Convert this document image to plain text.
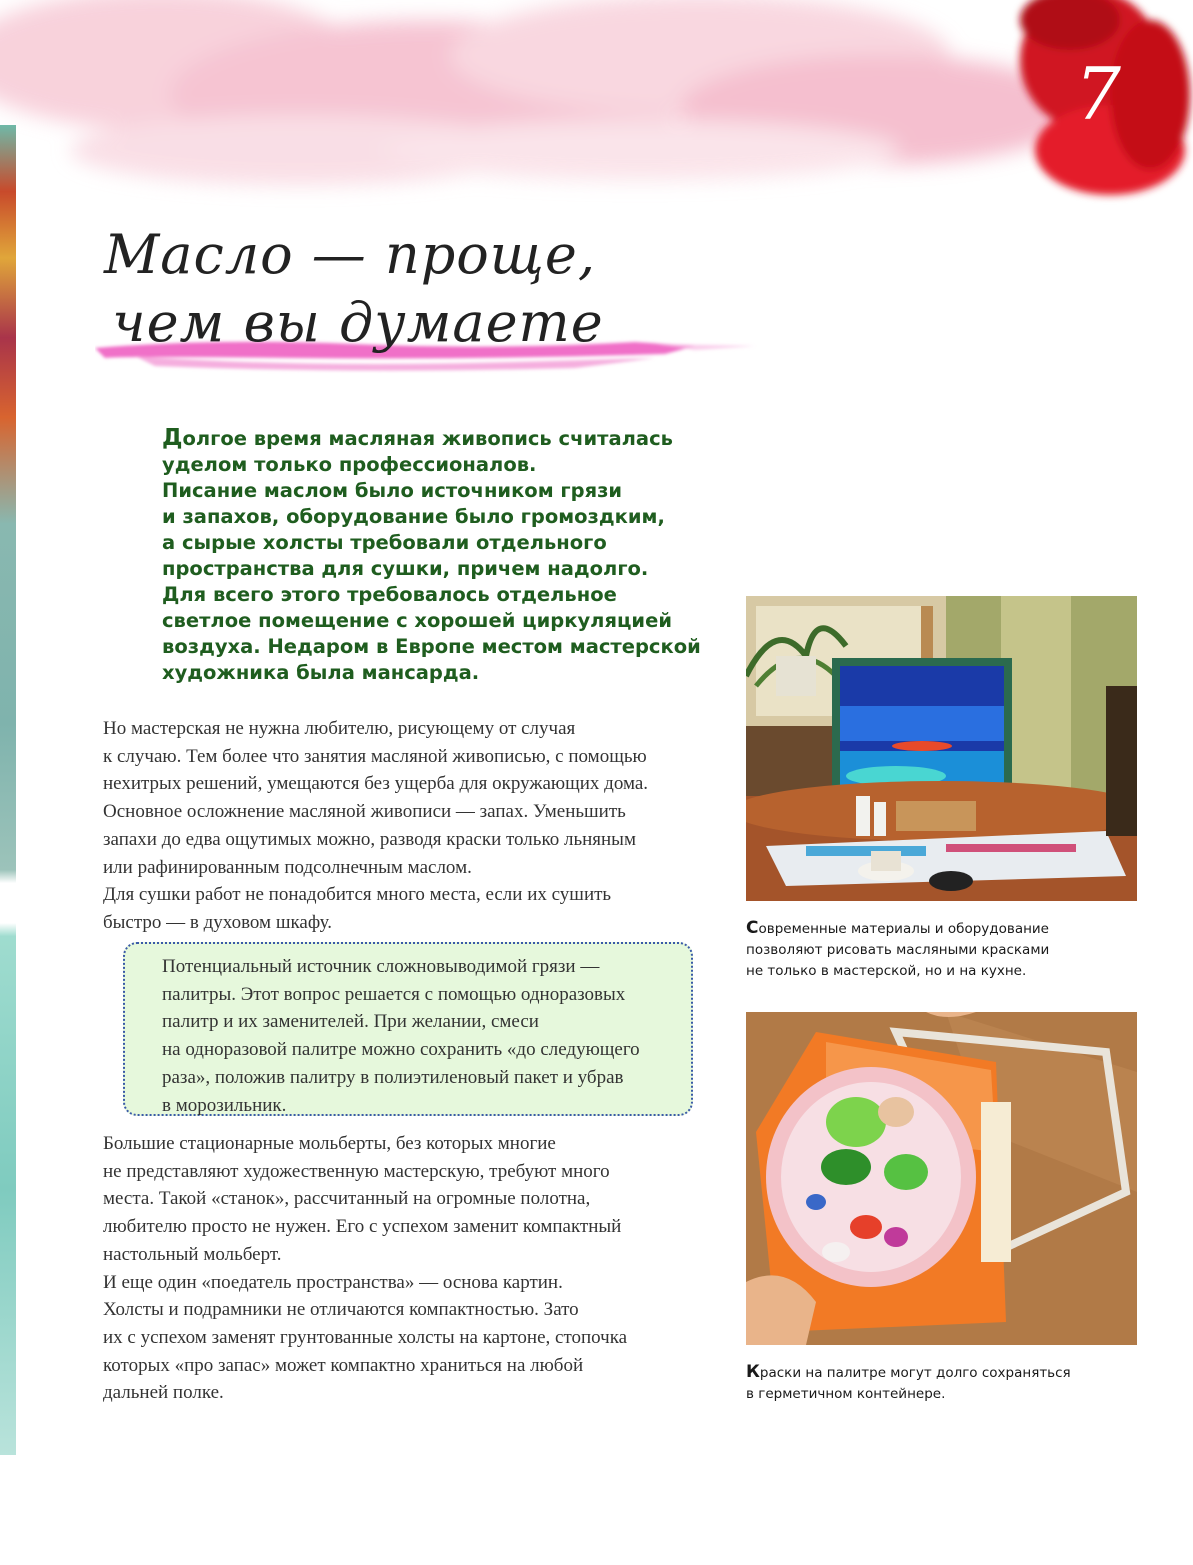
7
Масло — проще,
чем вы думаете
Долгое время масляная живопись считалась
уделом только профессионалов.
Писание маслом было источником грязи
и запахов, оборудование было громоздким,
а сырые холсты требовали отдельного
пространства для сушки, причем надолго.
Для всего этого требовалось отдельное
светлое помещение с хорошей циркуляцией
воздуха. Недаром в Европе местом мастерской
художника была мансарда.
Но мастерская не нужна любителю, рисующему от случая
к случаю. Тем более что занятия масляной живописью, с помощью
нехитрых решений, умещаются без ущерба для окружающих дома.
Основное осложнение масляной живописи — запах. Уменьшить
запахи до едва ощутимых можно, разводя краски только льняным
или рафинированным подсолнечным маслом.
Для сушки работ не понадобится много места, если их сушить
быстро — в духовом шкафу.
Потенциальный источник сложновыводимой грязи —
палитры. Этот вопрос решается с помощью одноразовых
палитр и их заменителей. При желании, смеси
на одноразовой палитре можно сохранить «до следующего
раза», положив палитру в полиэтиленовый пакет и убрав
в морозильник.
Большие стационарные мольберты, без которых многие
не представляют художественную мастерскую, требуют много
места. Такой «станок», рассчитанный на огромные полотна,
любителю просто не нужен. Его с успехом заменит компактный
настольный мольберт.
И еще один «поедатель пространства» — основа картин.
Холсты и подрамники не отличаются компактностью. Зато
их с успехом заменят грунтованные холсты на картоне, стопочка
которых «про запас» может компактно храниться на любой
дальней полке.
Современные материалы и оборудование
позволяют рисовать масляными красками
не только в мастерской, но и на кухне.
Краски на палитре могут долго сохраняться
в герметичном контейнере.
